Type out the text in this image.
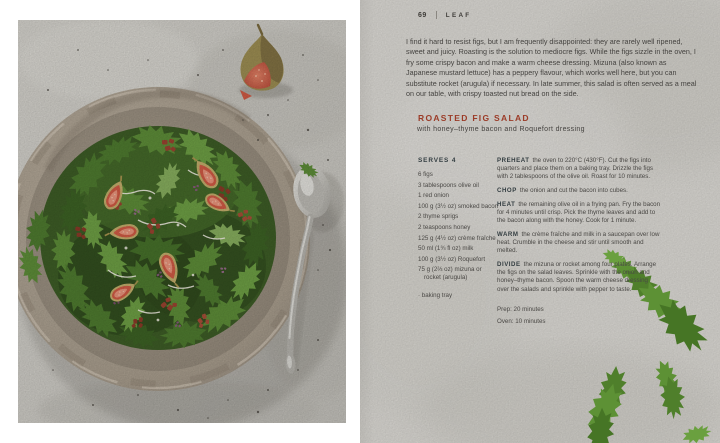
69	LEAF

I find it hard to resist figs, but I am frequently disappointed: they are rarely well ripened, sweet and juicy. Roasting is the solution to mediocre figs. While the figs sizzle in the oven, I fry some crispy bacon and make a warm cheese dressing. Mizuna (also known as Japanese mustard lettuce) has a peppery flavour, which works well here, but you can substitute rocket (arugula) if necessary. In late summer, this salad is often served as a meal on our table, with crispy toasted nut bread on the side.

ROASTED FIG SALAD
with honey–thyme bacon and Roquefort dressing
SERVES 4
6 figs
3 tablespoons olive oil
1 red onion
100 g (3½ oz) smoked bacon
2 thyme sprigs
2 teaspoons honey
125 g (4½ oz) crème fraîche
50 ml (1¾ fl oz) milk
100 g (3½ oz) Roquefort
75 g (2⅔ oz) mizuna or rocket (arugula)
· baking tray

PREHEAT the oven to 220°C (430°F). Cut the figs into quarters and place them on a baking tray. Drizzle the figs with 2 tablespoons of the olive oil. Roast for 10 minutes.

CHOP the onion and cut the bacon into cubes.

HEAT the remaining olive oil in a frying pan. Fry the bacon for 4 minutes until crisp. Pick the thyme leaves and add to the bacon along with the honey. Cook for 1 minute.

WARM the crème fraîche and milk in a saucepan over low heat. Crumble in the cheese and stir until smooth and melted.

DIVIDE the mizuna or rocket among four plates. Arrange the figs on the salad leaves. Sprinkle with the onion and honey–thyme bacon. Spoon the warm cheese dressing over the salads and sprinkle with pepper to taste.

Prep: 20 minutes

Oven: 10 minutes
